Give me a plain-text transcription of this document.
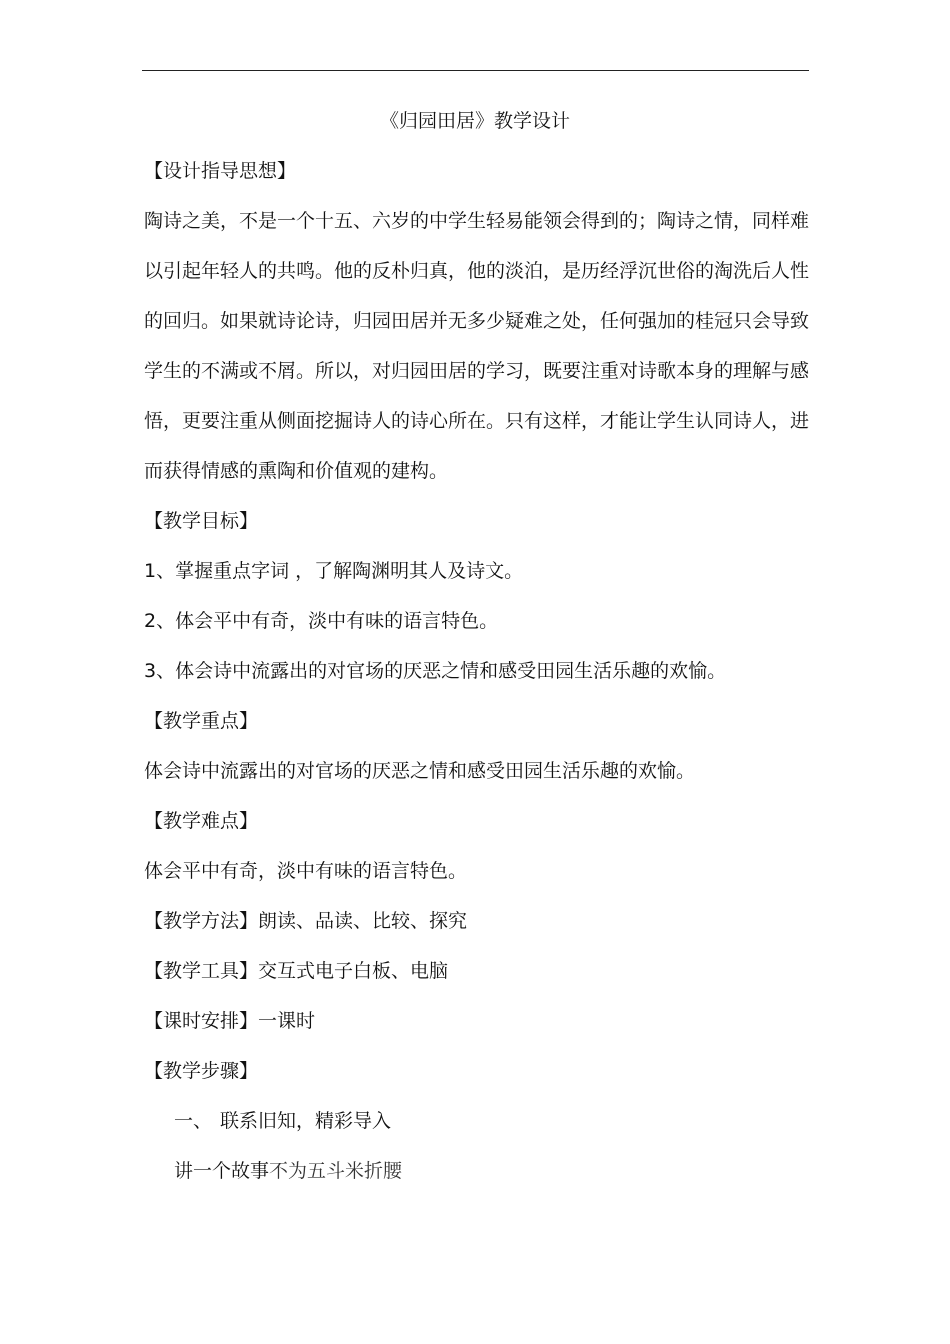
《归园田居》教学设计
【设计指导思想】
陶诗之美，不是一个十五、六岁的中学生轻易能领会得到的；陶诗之情，同样难
以引起年轻人的共鸣。他的反朴归真，他的淡泊，是历经浮沉世俗的淘洗后人性
的回归。如果就诗论诗，归园田居并无多少疑难之处，任何强加的桂冠只会导致
学生的不满或不屑。所以，对归园田居的学习，既要注重对诗歌本身的理解与感
悟，更要注重从侧面挖掘诗人的诗心所在。只有这样，才能让学生认同诗人，进
而获得情感的熏陶和价值观的建构。
【教学目标】
1、掌握重点字词 ，了解陶渊明其人及诗文。
2、体会平中有奇，淡中有味的语言特色。
3、体会诗中流露出的对官场的厌恶之情和感受田园生活乐趣的欢愉。
【教学重点】
体会诗中流露出的对官场的厌恶之情和感受田园生活乐趣的欢愉。
【教学难点】
体会平中有奇，淡中有味的语言特色。
【教学方法】朗读、品读、比较、探究
【教学工具】交互式电子白板、电脑
【课时安排】一课时
【教学步骤】
一、 联系旧知，精彩导入
讲一个故事不为五斗米折腰
